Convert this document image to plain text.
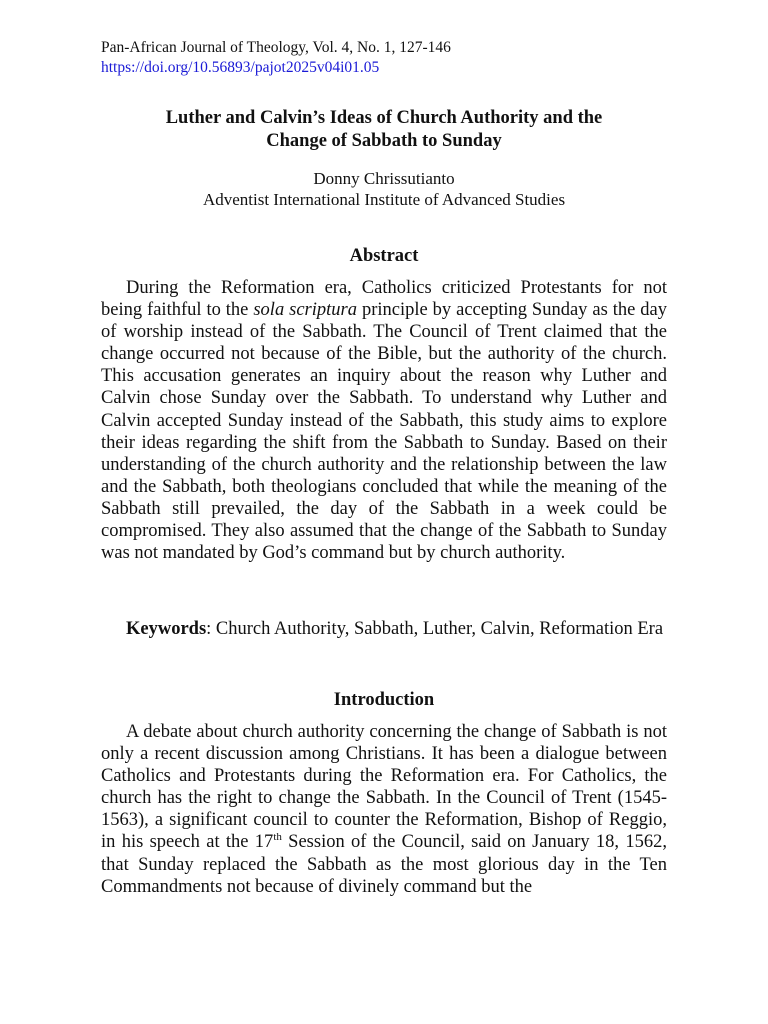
Pan-African Journal of Theology, Vol. 4, No. 1, 127-146
https://doi.org/10.56893/pajot2025v04i01.05
Luther and Calvin’s Ideas of Church Authority and the
Change of Sabbath to Sunday
Donny Chrissutianto
Adventist International Institute of Advanced Studies
Abstract

During the Reformation era, Catholics criticized Protestants for not being faithful to the sola scriptura principle by accepting Sunday as the day of worship instead of the Sabbath. The Council of Trent claimed that the change occurred not because of the Bible, but the authority of the church. This accusation generates an inquiry about the reason why Luther and Calvin chose Sunday over the Sabbath. To understand why Luther and Calvin accepted Sunday instead of the Sabbath, this study aims to explore their ideas regarding the shift from the Sabbath to Sunday. Based on their understanding of the church authority and the relationship between the law and the Sabbath, both theologians concluded that while the meaning of the Sabbath still prevailed, the day of the Sabbath in a week could be compromised. They also assumed that the change of the Sabbath to Sunday was not mandated by God’s command but by church authority.

Keywords: Church Authority, Sabbath, Luther, Calvin, Reformation Era

Introduction

A debate about church authority concerning the change of Sabbath is not only a recent discussion among Christians. It has been a dialogue between Catholics and Protestants during the Reformation era. For Catholics, the church has the right to change the Sabbath. In the Council of Trent (1545-1563), a significant council to counter the Reformation, Bishop of Reggio, in his speech at the 17th Session of the Council, said on January 18, 1562, that Sunday replaced the Sabbath as the most glorious day in the Ten Commandments not because of divinely command but the
